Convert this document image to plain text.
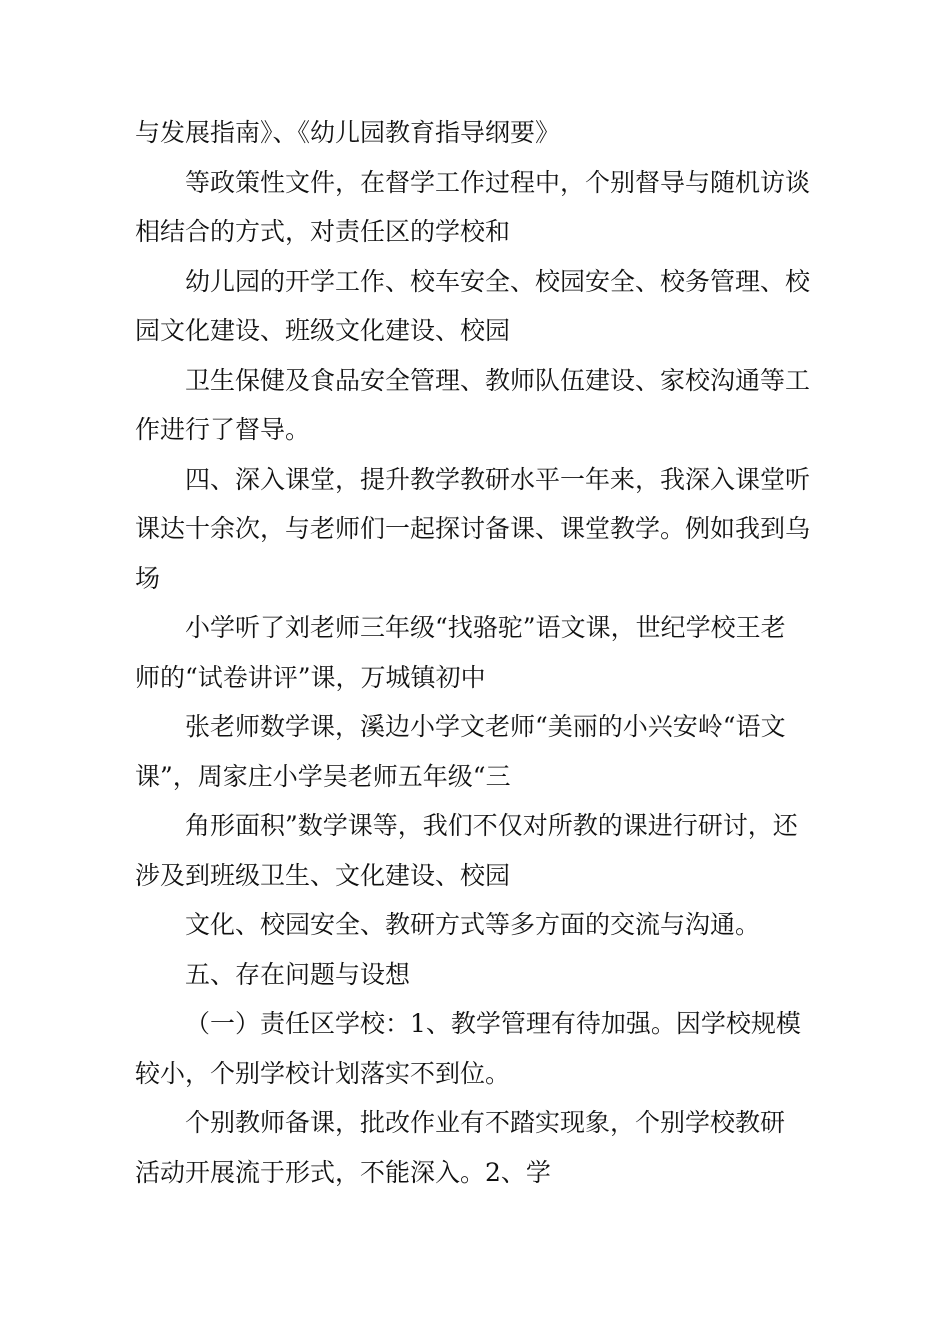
与发展指南》、《幼儿园教育指导纲要》

等政策性文件，在督学工作过程中，个别督导与随机访谈
相结合的方式，对责任区的学校和

幼儿园的开学工作、校车安全、校园安全、校务管理、校
园文化建设、班级文化建设、校园

卫生保健及食品安全管理、教师队伍建设、家校沟通等工
作进行了督导。

四、深入课堂，提升教学教研水平一年来，我深入课堂听
课达十余次，与老师们一起探讨备课、课堂教学。例如我到乌
场

小学听了刘老师三年级“找骆驼”语文课，世纪学校王老
师的“试卷讲评”课，万城镇初中

张老师数学课，溪边小学文老师“美丽的小兴安岭“语文
课”，周家庄小学吴老师五年级“三

角形面积”数学课等，我们不仅对所教的课进行研讨，还
涉及到班级卫生、文化建设、校园

文化、校园安全、教研方式等多方面的交流与沟通。

五、存在问题与设想

（一）责任区学校：1、教学管理有待加强。因学校规模
较小，个别学校计划落实不到位。

个别教师备课，批改作业有不踏实现象，个别学校教研
活动开展流于形式，不能深入。2、学
